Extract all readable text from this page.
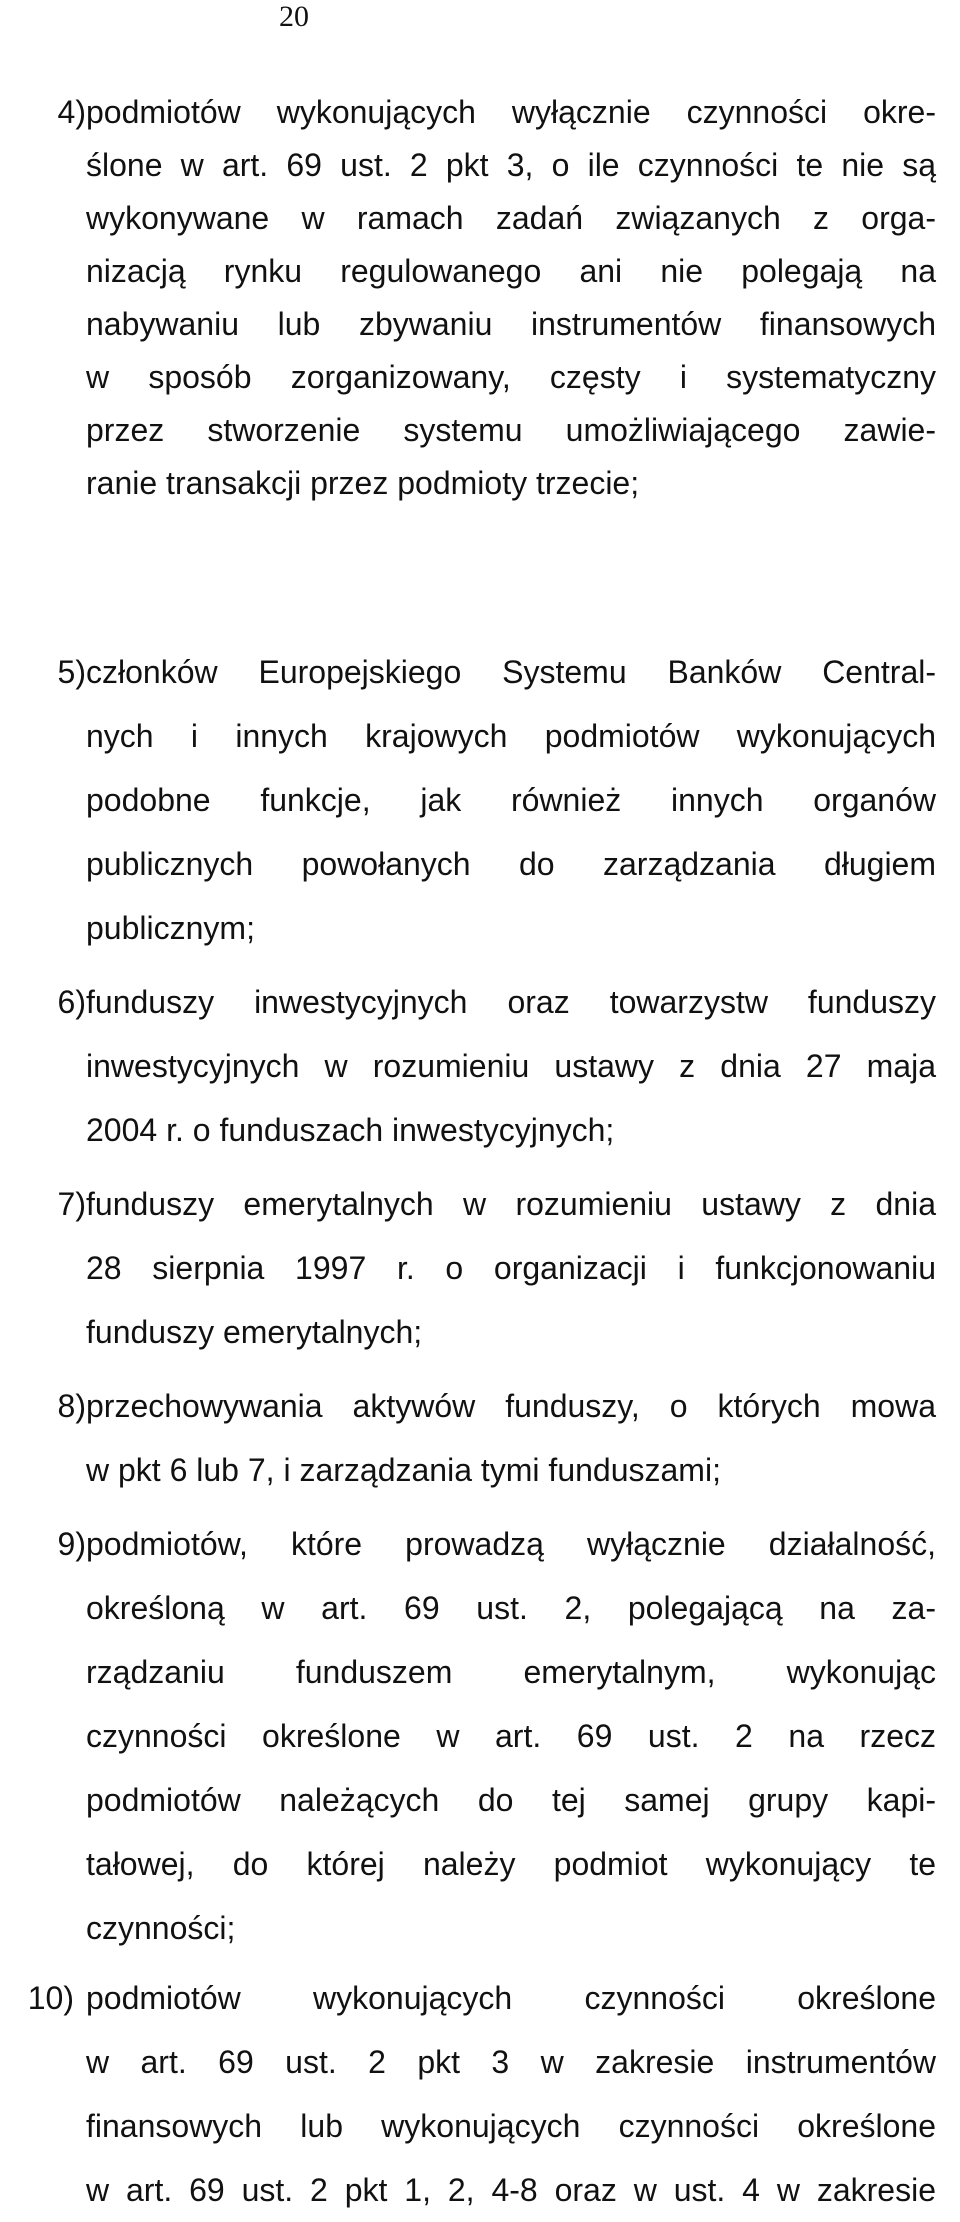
20
4) podmiotów wykonujących wyłącznie czynności okre-
ślone w art. 69 ust. 2 pkt 3, o ile czynności te nie są
wykonywane w ramach zadań związanych z orga-
nizacją rynku regulowanego ani nie polegają na
nabywaniu lub zbywaniu instrumentów finansowych
w sposób zorganizowany, częsty i systematyczny
przez stworzenie systemu umożliwiającego zawie-
ranie transakcji przez podmioty trzecie;
5) członków Europejskiego Systemu Banków Central-
nych i innych krajowych podmiotów wykonujących
podobne funkcje, jak również innych organów
publicznych powołanych do zarządzania długiem
publicznym;
6) funduszy inwestycyjnych oraz towarzystw funduszy
inwestycyjnych w rozumieniu ustawy z dnia 27 maja
2004 r. o funduszach inwestycyjnych;
7) funduszy emerytalnych w rozumieniu ustawy z dnia
28 sierpnia 1997 r. o organizacji i funkcjonowaniu
funduszy emerytalnych;
8) przechowywania aktywów funduszy, o których mowa
w pkt 6 lub 7, i zarządzania tymi funduszami;
9) podmiotów, które prowadzą wyłącznie działalność,
określoną w art. 69 ust. 2, polegającą na za-
rządzaniu funduszem emerytalnym, wykonując
czynności określone w art. 69 ust. 2 na rzecz
podmiotów należących do tej samej grupy kapi-
tałowej, do której należy podmiot wykonujący te
czynności;
10) podmiotów wykonujących czynności określone
w art. 69 ust. 2 pkt 3 w zakresie instrumentów
finansowych lub wykonujących czynności określone
w art. 69 ust. 2 pkt 1, 2, 4-8 oraz w ust. 4 w zakresie
